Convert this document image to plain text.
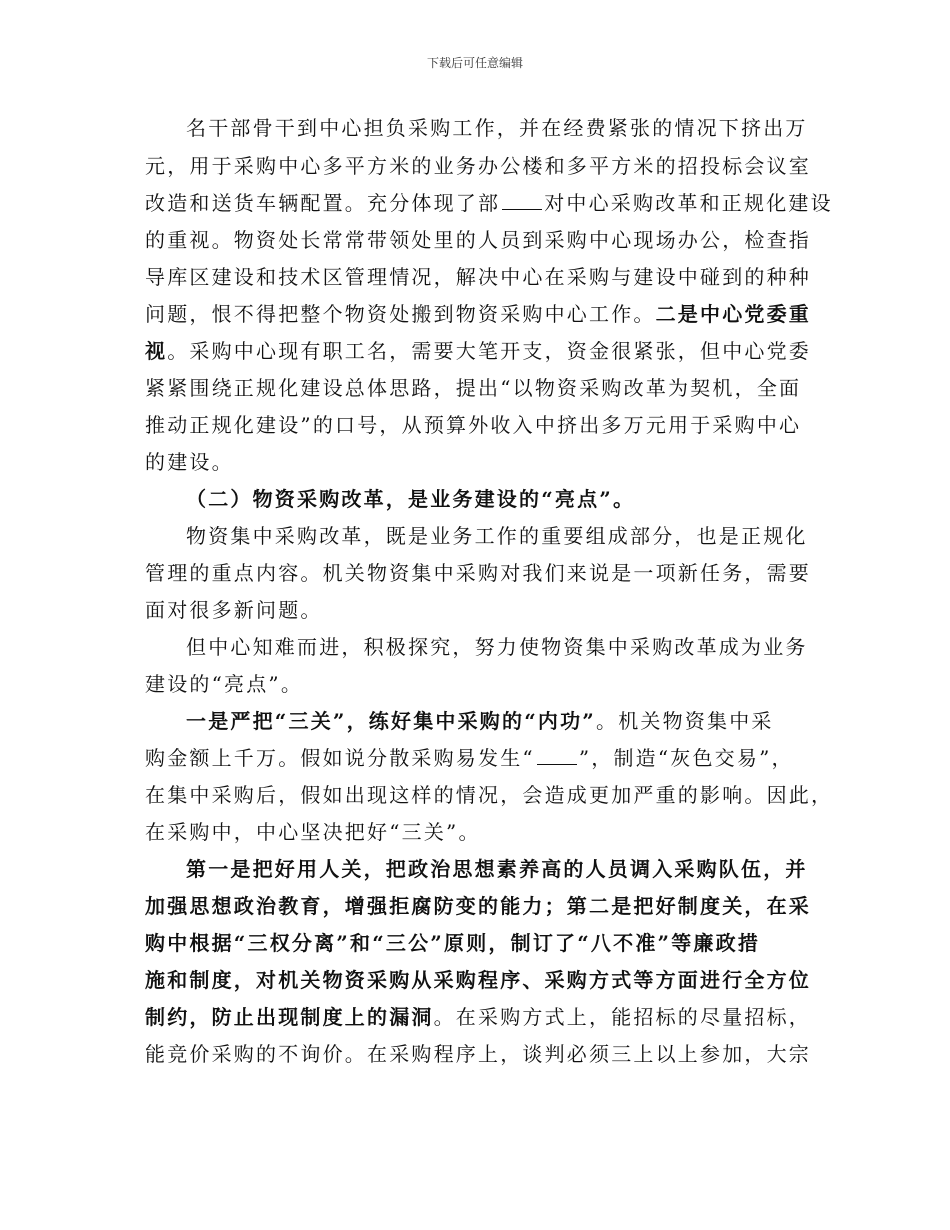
下载后可任意编辑
名干部骨干到中心担负采购工作，并在经费紧张的情况下挤出万
元，用于采购中心多平方米的业务办公楼和多平方米的招投标会议室
改造和送货车辆配置。充分体现了部 对中心采购改革和正规化建设
的重视。物资处长常常带领处里的人员到采购中心现场办公，检查指
导库区建设和技术区管理情况，解决中心在采购与建设中碰到的种种
问题，恨不得把整个物资处搬到物资采购中心工作。二是中心党委重
视。采购中心现有职工名，需要大笔开支，资金很紧张，但中心党委
紧紧围绕正规化建设总体思路，提出“以物资采购改革为契机，全面
推动正规化建设”的口号，从预算外收入中挤出多万元用于采购中心
的建设。
（二）物资采购改革，是业务建设的“亮点”。
物资集中采购改革，既是业务工作的重要组成部分，也是正规化
管理的重点内容。机关物资集中采购对我们来说是一项新任务，需要
面对很多新问题。
但中心知难而进，积极探究，努力使物资集中采购改革成为业务
建设的“亮点”。
一是严把“三关”，练好集中采购的“内功”。机关物资集中采
购金额上千万。假如说分散采购易发生“ ”，制造“灰色交易”，
在集中采购后，假如出现这样的情况，会造成更加严重的影响。因此，
在采购中，中心坚决把好“三关”。
第一是把好用人关，把政治思想素养高的人员调入采购队伍，并
加强思想政治教育，增强拒腐防变的能力；第二是把好制度关，在采
购中根据“三权分离”和“三公”原则，制订了“八不准”等廉政措
施和制度，对机关物资采购从采购程序、采购方式等方面进行全方位
制约，防止出现制度上的漏洞。在采购方式上，能招标的尽量招标，
能竞价采购的不询价。在采购程序上，谈判必须三上以上参加，大宗
